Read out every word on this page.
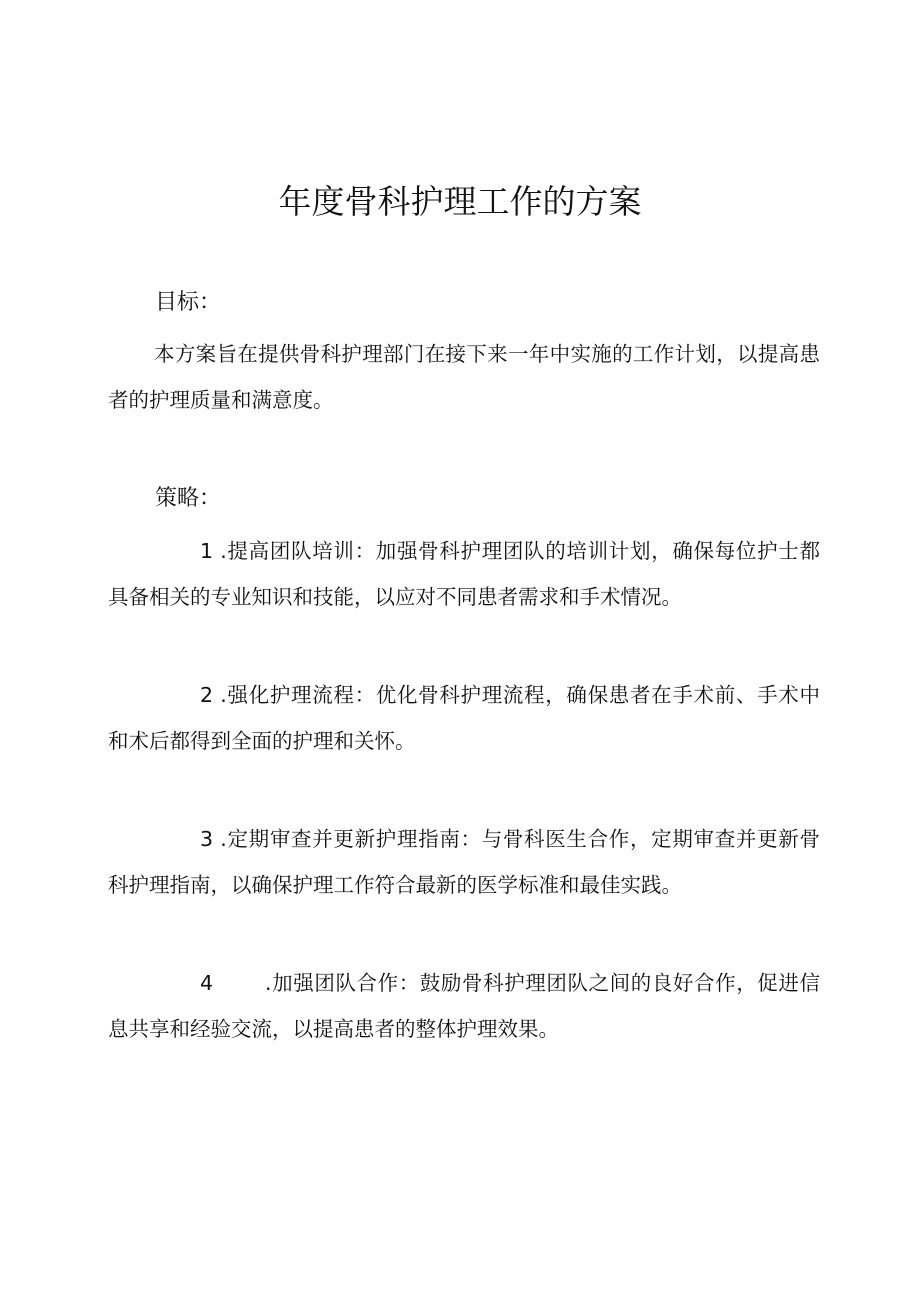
年度骨科护理工作的方案
目标：

本方案旨在提供骨科护理部门在接下来一年中实施的工作计划，以提高患者的护理质量和满意度。

策略：

1 .提高团队培训：加强骨科护理团队的培训计划，确保每位护士都具备相关的专业知识和技能，以应对不同患者需求和手术情况。

2 .强化护理流程：优化骨科护理流程，确保患者在手术前、手术中和术后都得到全面的护理和关怀。

3 .定期审查并更新护理指南：与骨科医生合作，定期审查并更新骨科护理指南，以确保护理工作符合最新的医学标准和最佳实践。

4	.加强团队合作：鼓励骨科护理团队之间的良好合作，促进信息共享和经验交流，以提高患者的整体护理效果。
